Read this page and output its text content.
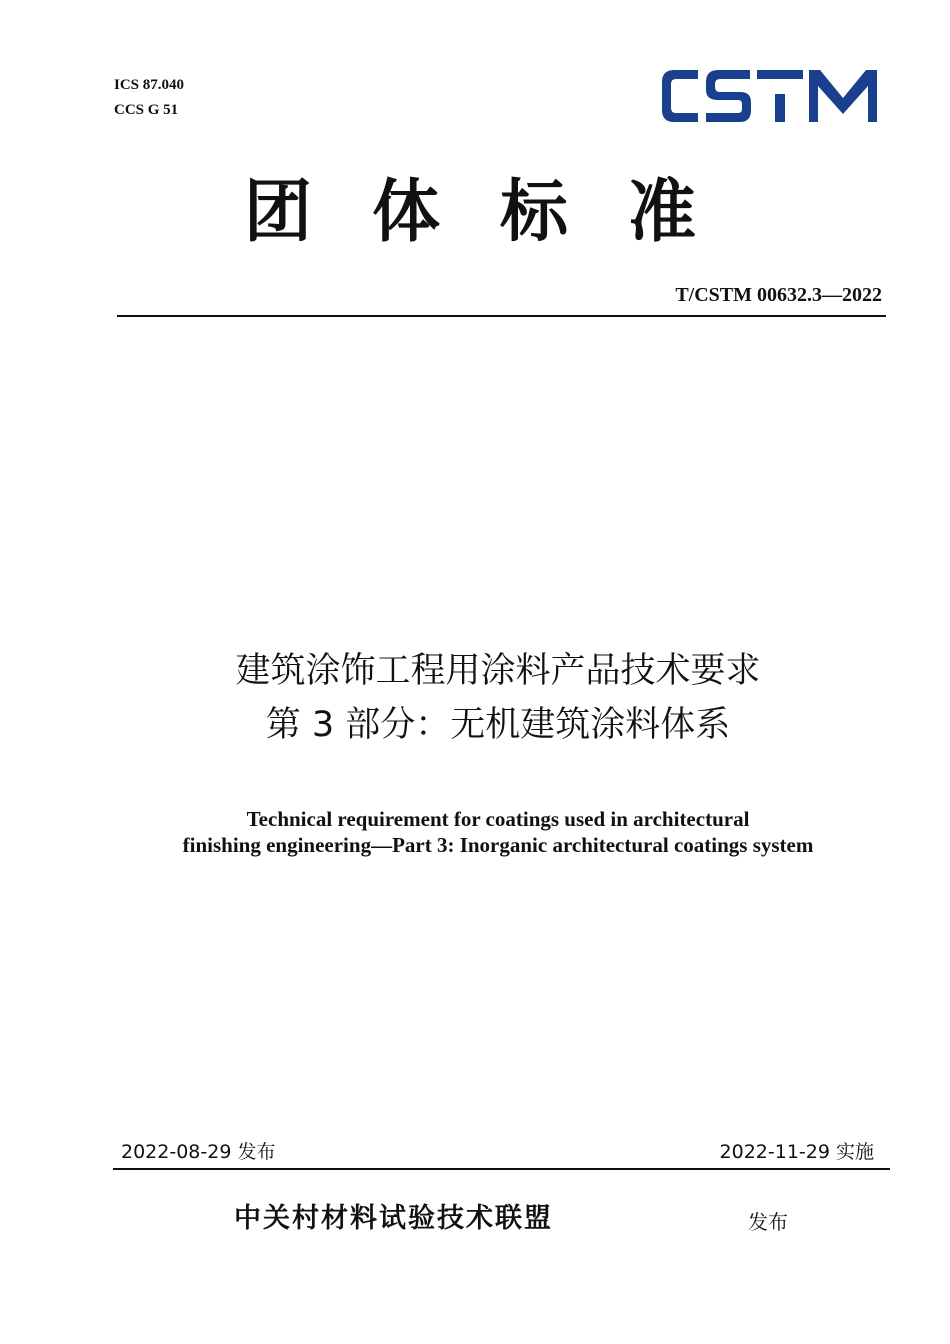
ICS 87.040
CCS G 51
团体标准
T/CSTM 00632.3—2022
建筑涂饰工程用涂料产品技术要求
第 3 部分：无机建筑涂料体系
Technical requirement for coatings used in architectural
finishing engineering—Part 3: Inorganic architectural coatings system
2022-08-29 发布	2022-11-29 实施
中关村材料试验技术联盟	发布
